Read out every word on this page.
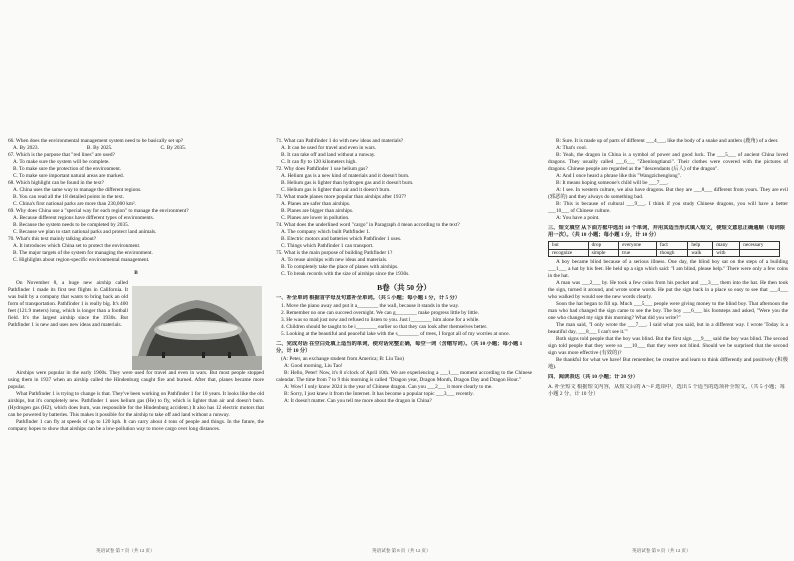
66. When does the environmental management system need to be basically set up?

A. By 2023.	B. By 2025.	C. By 2035.

67. Which is the purpose that "red lines" are used?

A. To make sure the system will be complete.

B. To make sure the protection of the environment.

C. To make sure important natural areas are marked.

68. Which highlight can be found in the text?

A. China uses the same way to manage the different regions.

B. You can read all the 18 detailed points in the text.

C. China's first national parks are more than 230,000 km².

69. Why does China use a "special way for each region" to manage the environment?

A. Because different regions have different types of environments.

B. Because the system needs to be completed by 2035.

C. Because we plan to start national parks and protect land animals.

70. What's this text mainly talking about?

A. It introduces which China set to protect the environment.

B. The major targets of the system for managing the environment.

C. Highlights about region-specific environmental management.

B

On November 8, a huge new airship called Pathfinder 1 made its first test flights in California. It was built by a company that wants to bring back an old form of transportation. Pathfinder 1 is really big. It's 400 feet (121.9 meters) long, which is longer than a football field. It's the largest airship since the 1930s. But Pathfinder 1 is new and uses new ideas and materials.

Airships were popular in the early 1900s. They were used for travel and even in wars. But most people stopped using them in 1937 when an airship called the Hindenburg caught fire and burned. After that, planes became more popular.

What Pathfinder 1 is trying to change is that. They've been working on Pathfinder 1 for 10 years. It looks like the old airships, but it's completely new. Pathfinder 1 uses helium gas (He) to fly, which is lighter than air and doesn't burn. (Hydrogen gas (H2), which does burn, was responsible for the Hindenburg accident.) It also has 12 electric motors that can be powered by batteries. This makes it possible for the airship to take off and land without a runway.

Pathfinder 1 can fly at speeds of up to 120 kph. It can carry about 4 tons of people and things. In the future, the company hopes to show that airships can be a low-pollution way to move cargo over long distances.

71. What can Pathfinder 1 do with new ideas and materials?

A. It can be used for travel and even in wars.

B. It can take off and land without a runway.

C. It can fly to 120 kilometers high.

72. Why does Pathfinder 1 use helium gas?

A. Helium gas is a new kind of materials and it doesn't burn.

B. Helium gas is lighter than hydrogen gas and it doesn't burn.

C. Helium gas is lighter than air and it doesn't burn.

73. What made planes more popular than airships after 1937?

A. Planes are safer than airships.

B. Planes are bigger than airships.

C. Planes are lower in pollution.

74. What does the underlined word "cargo" in Paragraph 4 mean according to the text?

A. The company which built Pathfinder 1.

B. Electric motors and batteries which Pathfinder 1 uses.

C. Things which Pathfinder 1 can transport.

75. What is the main purpose of building Pathfinder 1?

A. To reuse airships with new ideas and materials.

B. To completely take the place of planes with airships.

C. To break records with the size of airships since the 1930s.

B卷（共 50 分）
一、补全单词 根据首字母及句意补全单词。（共 5 小题；每小题 1 分，计 5 分）

1. Move the piano away and put it a________ the wall, because it stands in the way.

2. Remember no one can succeed overnight. We can g________ make progress little by little.

3. He was so mad just now and refused to listen to you. Just l________ him alone for a while.

4. Children should be taught to be i________ earlier so that they can look after themselves better.

5. Looking at the beautiful and peaceful lake with the s________ of trees, I forgot all of my worries at once.

二、完成对话 在空白处填上适当的单词，使对话完整正确，每空一词（含缩写词）。（共 10 小题；每小题 1 分，计 10 分）
(A: Peter, an exchange student from America; B: Liu Tao)

A: Good morning, Liu Tao!

B: Hello, Peter! Now, it's 8 o'clock of April 10th. We are experiencing a ___1___ moment according to the Chinese calendar. The time from 7 to 9 this morning is called "Dragon year, Dragon Month, Dragon Day and Dragon Hour."

A: Wow! I only know 2024 is the year of Chinese dragon. Can you ___2___ it more clearly to me.

B: Sorry, I just knew it from the Internet. It has become a popular topic ___3___ recently.

A: It doesn't matter. Can you tell me more about the dragon in China?

B: Sure. It is made up of parts of different ___4___, like the body of a snake and antlers (鹿角) of a deer.

A: That's cool.

B: Yeah, the dragon in China is a symbol of power and good luck. The ___5___ of ancient China loved dragons. They usually called ___6___ "Zhenlongtianzi". Their clothes were covered with the pictures of dragons. Chinese people are regarded as the "descendants (后人) of the dragon".

A: And I once heard a phrase like this "Wangzichenglong".

B: It means hoping someone's child will be ___7___.

A: I see. In western culture, we also have dragons. But they are ___8___ different from yours. They are evil (邪恶的) and they always do something bad.

B: This is because of cultural ___9___. I think if you study Chinese dragons, you will have a better ___10___ of Chinese culture.

A: You have a point.

三、短文填空 从下面方框中选出 10 个单词，并用其适当形式填入短文，使短文意思正确通顺（每词限用一次）。（共 10 小题；每小题 1 分，计 10 分）
but	drop	everyone	fact	help	many	necessary
recognize	simple	true	though	walk	with	

A boy became blind because of a serious illness. One day, the blind boy sat on the steps of a building ___1___ a hat by his feet. He held up a sign which said: "I am blind, please help." There were only a few coins in the hat.

A man was ___2___ by. He took a few coins from his pocket and ___3___ them into the hat. He then took the sign, turned it around, and wrote some words. He put the sign back in a place so easy to see that ___4___ who walked by would see the new words clearly.

Soon the hat began to fill up. Much ___5___ people were giving money to the blind boy. That afternoon the man who had changed the sign came to see the boy. The boy ___6___ his footsteps and asked, "Were you the one who changed my sign this morning? What did you write?"

The man said, "I only wrote the ___7___. I said what you said, but in a different way. I wrote 'Today is a beautiful day, ___8___ I can't see it.'"

Both signs told people that the boy was blind. But the first sign ___9___ said the boy was blind. The second sign told people that they were so ___10___ that they were not blind. Should we be surprised that the second sign was more effective (有效的)?

Be thankful for what we have! But remember, be creative and learn to think differently and positively (积极地).

四、阅读表达（共 10 小题；计 20 分）
A. 补全短文 根据短文内容，从短文后的 A～F 选项中，选出 5 个适当的选项补全短文。（共 5 小题；每小题 2 分，计 10 分）
英语试卷 第 7 页（共 12 页）	英语试卷 第 8 页（共 12 页）	英语试卷 第 9 页（共 12 页）
